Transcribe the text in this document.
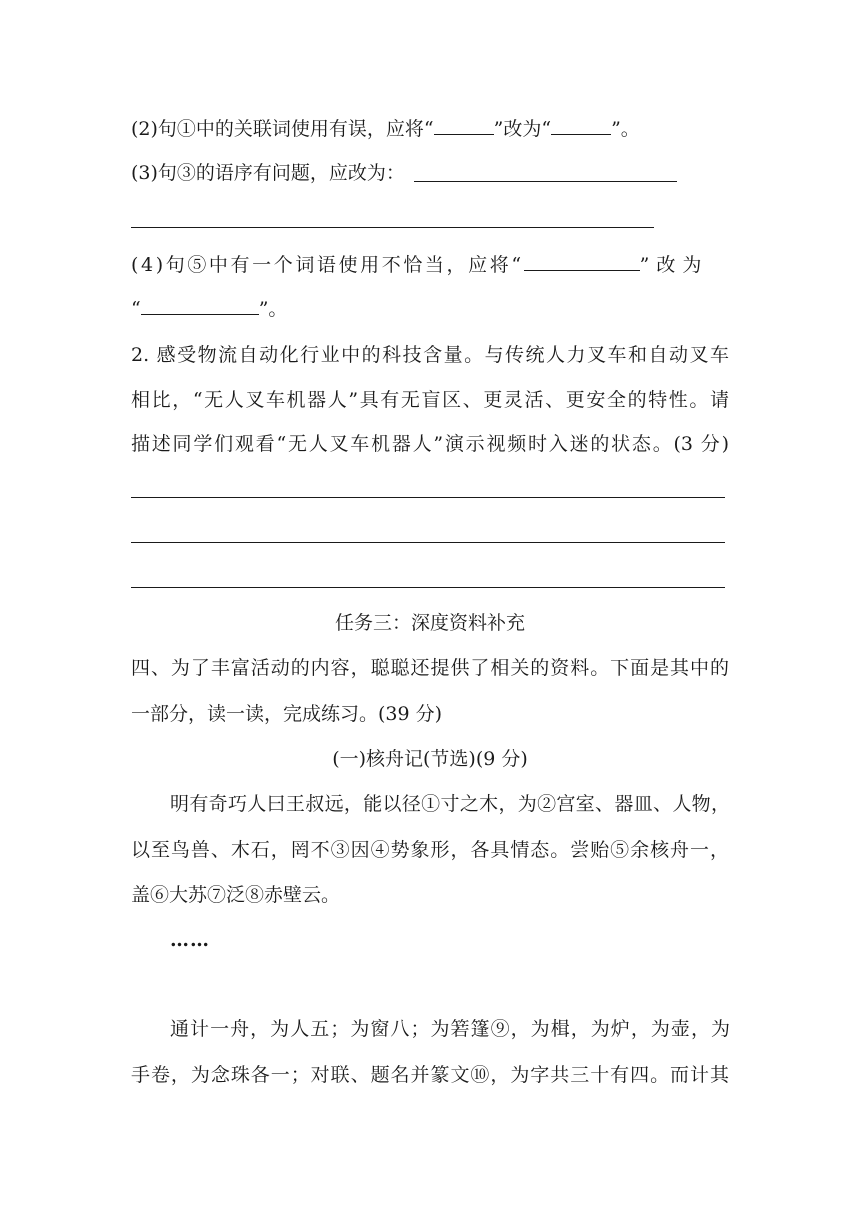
(2)句①中的关联词使用有误，应将“	”改为“	”。
(3)句③的语序有问题，应改为：
(4)句⑤中有一个词语使用不恰当，应将“	”改为
“	”。
2. 感受物流自动化行业中的科技含量。与传统人力叉车和自动叉车
相比，“无人叉车机器人”具有无盲区、更灵活、更安全的特性。请
描述同学们观看“无人叉车机器人”演示视频时入迷的状态。(3 分)
任务三：深度资料补充
四、为了丰富活动的内容，聪聪还提供了相关的资料。下面是其中的
一部分，读一读，完成练习。(39 分)
(一)核舟记(节选)(9 分)
明有奇巧人曰王叔远，能以径①寸之木，为②宫室、器皿、人物，
以至鸟兽、木石，罔不③因④势象形，各具情态。尝贻⑤余核舟一，
盖⑥大苏⑦泛⑧赤壁云。
……
通计一舟，为人五；为窗八；为箬篷⑨，为楫，为炉，为壶，为
手卷，为念珠各一；对联、题名并篆文⑩，为字共三十有四。而计其
